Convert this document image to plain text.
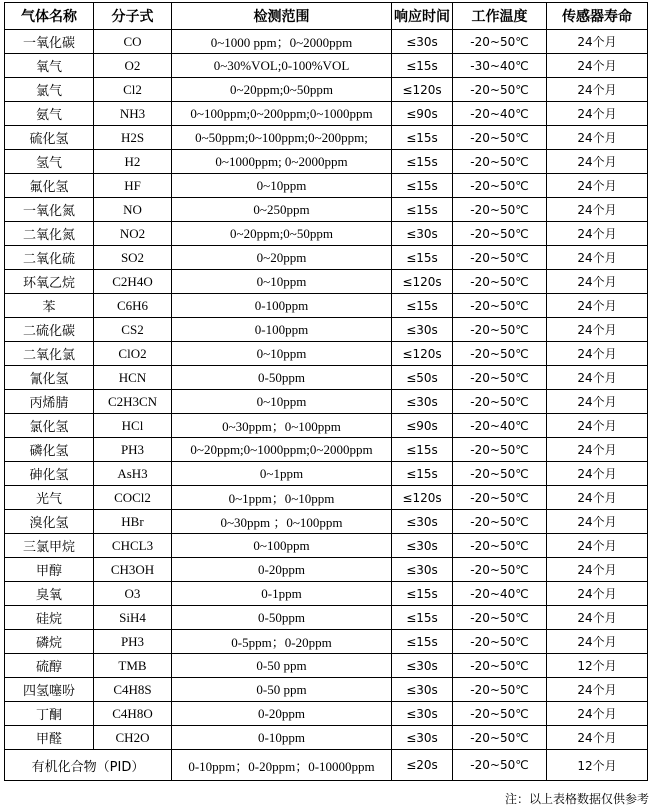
气体名称	分子式	检测范围	响应时间	工作温度	传感器寿命
一氧化碳	CO	0~1000 ppm；0~2000ppm	≤30s	-20~50℃	24个月
氧气	O2	0~30%VOL;0-100%VOL	≤15s	-30~40℃	24个月
氯气	Cl2	0~20ppm;0~50ppm	≤120s	-20~50℃	24个月
氨气	NH3	0~100ppm;0~200ppm;0~1000ppm	≤90s	-20~40℃	24个月
硫化氢	H2S	0~50ppm;0~100ppm;0~200ppm;	≤15s	-20~50℃	24个月
氢气	H2	0~1000ppm; 0~2000ppm	≤15s	-20~50℃	24个月
氟化氢	HF	0~10ppm	≤15s	-20~50℃	24个月
一氧化氮	NO	0~250ppm	≤15s	-20~50℃	24个月
二氧化氮	NO2	0~20ppm;0~50ppm	≤30s	-20~50℃	24个月
二氧化硫	SO2	0~20ppm	≤15s	-20~50℃	24个月
环氧乙烷	C2H4O	0~10ppm	≤120s	-20~50℃	24个月
苯	C6H6	0-100ppm	≤15s	-20~50℃	24个月
二硫化碳	CS2	0-100ppm	≤30s	-20~50℃	24个月
二氧化氯	ClO2	0~10ppm	≤120s	-20~50℃	24个月
氰化氢	HCN	0-50ppm	≤50s	-20~50℃	24个月
丙烯腈	C2H3CN	0~10ppm	≤30s	-20~50℃	24个月
氯化氢	HCl	0~30ppm；0~100ppm	≤90s	-20~40℃	24个月
磷化氢	PH3	0~20ppm;0~1000ppm;0~2000ppm	≤15s	-20~50℃	24个月
砷化氢	AsH3	0~1ppm	≤15s	-20~50℃	24个月
光气	COCl2	0~1ppm；0~10ppm	≤120s	-20~50℃	24个月
溴化氢	HBr	0~30ppm ；0~100ppm	≤30s	-20~50℃	24个月
三氯甲烷	CHCL3	0~100ppm	≤30s	-20~50℃	24个月
甲醇	CH3OH	0-20ppm	≤30s	-20~50℃	24个月
臭氧	O3	0-1ppm	≤15s	-20~40℃	24个月
硅烷	SiH4	0-50ppm	≤15s	-20~50℃	24个月
磷烷	PH3	0-5ppm；0-20ppm	≤15s	-20~50℃	24个月
硫醇	TMB	0-50 ppm	≤30s	-20~50℃	12个月
四氢噻吩	C4H8S	0-50 ppm	≤30s	-20~50℃	24个月
丁酮	C4H8O	0-20ppm	≤30s	-20~50℃	24个月
甲醛	CH2O	0-10ppm	≤30s	-20~50℃	24个月
有机化合物（PID）		0-10ppm；0-20ppm；0-10000ppm	≤20s	-20~50℃	12个月
注：以上表格数据仅供参考
